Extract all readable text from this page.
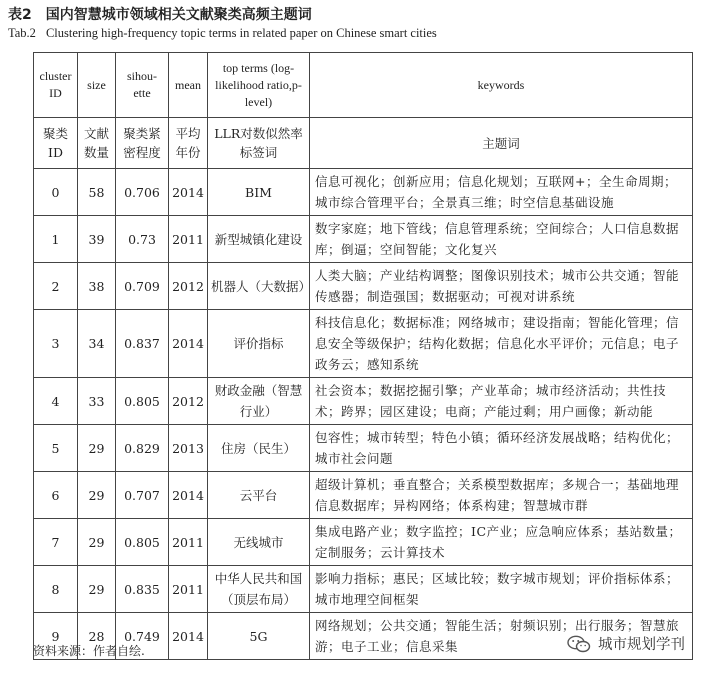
表2 国内智慧城市领域相关文献聚类高频主题词
Tab.2 Clustering high-frequency topic terms in related paper on Chinese smart cities
cluster ID	size	sihou-ette	mean	top terms (log-likelihood ratio,p-level)	keywords
聚类 ID	文献 数量	聚类紧 密程度	平均 年份	LLR对数似然率 标签词	主题词
0	58	0.706	2014	BIM	信息可视化；创新应用；信息化规划；互联网+；全生命周期；城市综合管理平台；全景真三维；时空信息基础设施
1	39	0.73	2011	新型城镇化建设	数字家庭；地下管线；信息管理系统；空间综合；人口信息数据库；倒逼；空间智能；文化复兴
2	38	0.709	2012	机器人（大数据）	人类大脑；产业结构调整；图像识别技术；城市公共交通；智能传感器；制造强国；数据驱动；可视对讲系统
3	34	0.837	2014	评价指标	科技信息化；数据标准；网络城市；建设指南；智能化管理；信息安全等级保护；结构化数据；信息化水平评价；元信息；电子政务云；感知系统
4	33	0.805	2012	财政金融（智慧行业）	社会资本；数据挖掘引擎；产业革命；城市经济活动；共性技术；跨界；园区建设；电商；产能过剩；用户画像；新动能
5	29	0.829	2013	住房（民生）	包容性；城市转型；特色小镇；循环经济发展战略；结构优化；城市社会问题
6	29	0.707	2014	云平台	超级计算机；垂直整合；关系模型数据库；多规合一；基础地理信息数据库；异构网络；体系构建；智慧城市群
7	29	0.805	2011	无线城市	集成电路产业；数字监控；IC产业；应急响应体系；基站数量；定制服务；云计算技术
8	29	0.835	2011	中华人民共和国（顶层布局）	影响力指标；惠民；区域比较；数字城市规划；评价指标体系；城市地理空间框架
9	28	0.749	2014	5G	网络规划；公共交通；智能生活；射频识别；出行服务；智慧旅游；电子工业；信息采集
资料来源：作者自绘.	城市规划学刊
